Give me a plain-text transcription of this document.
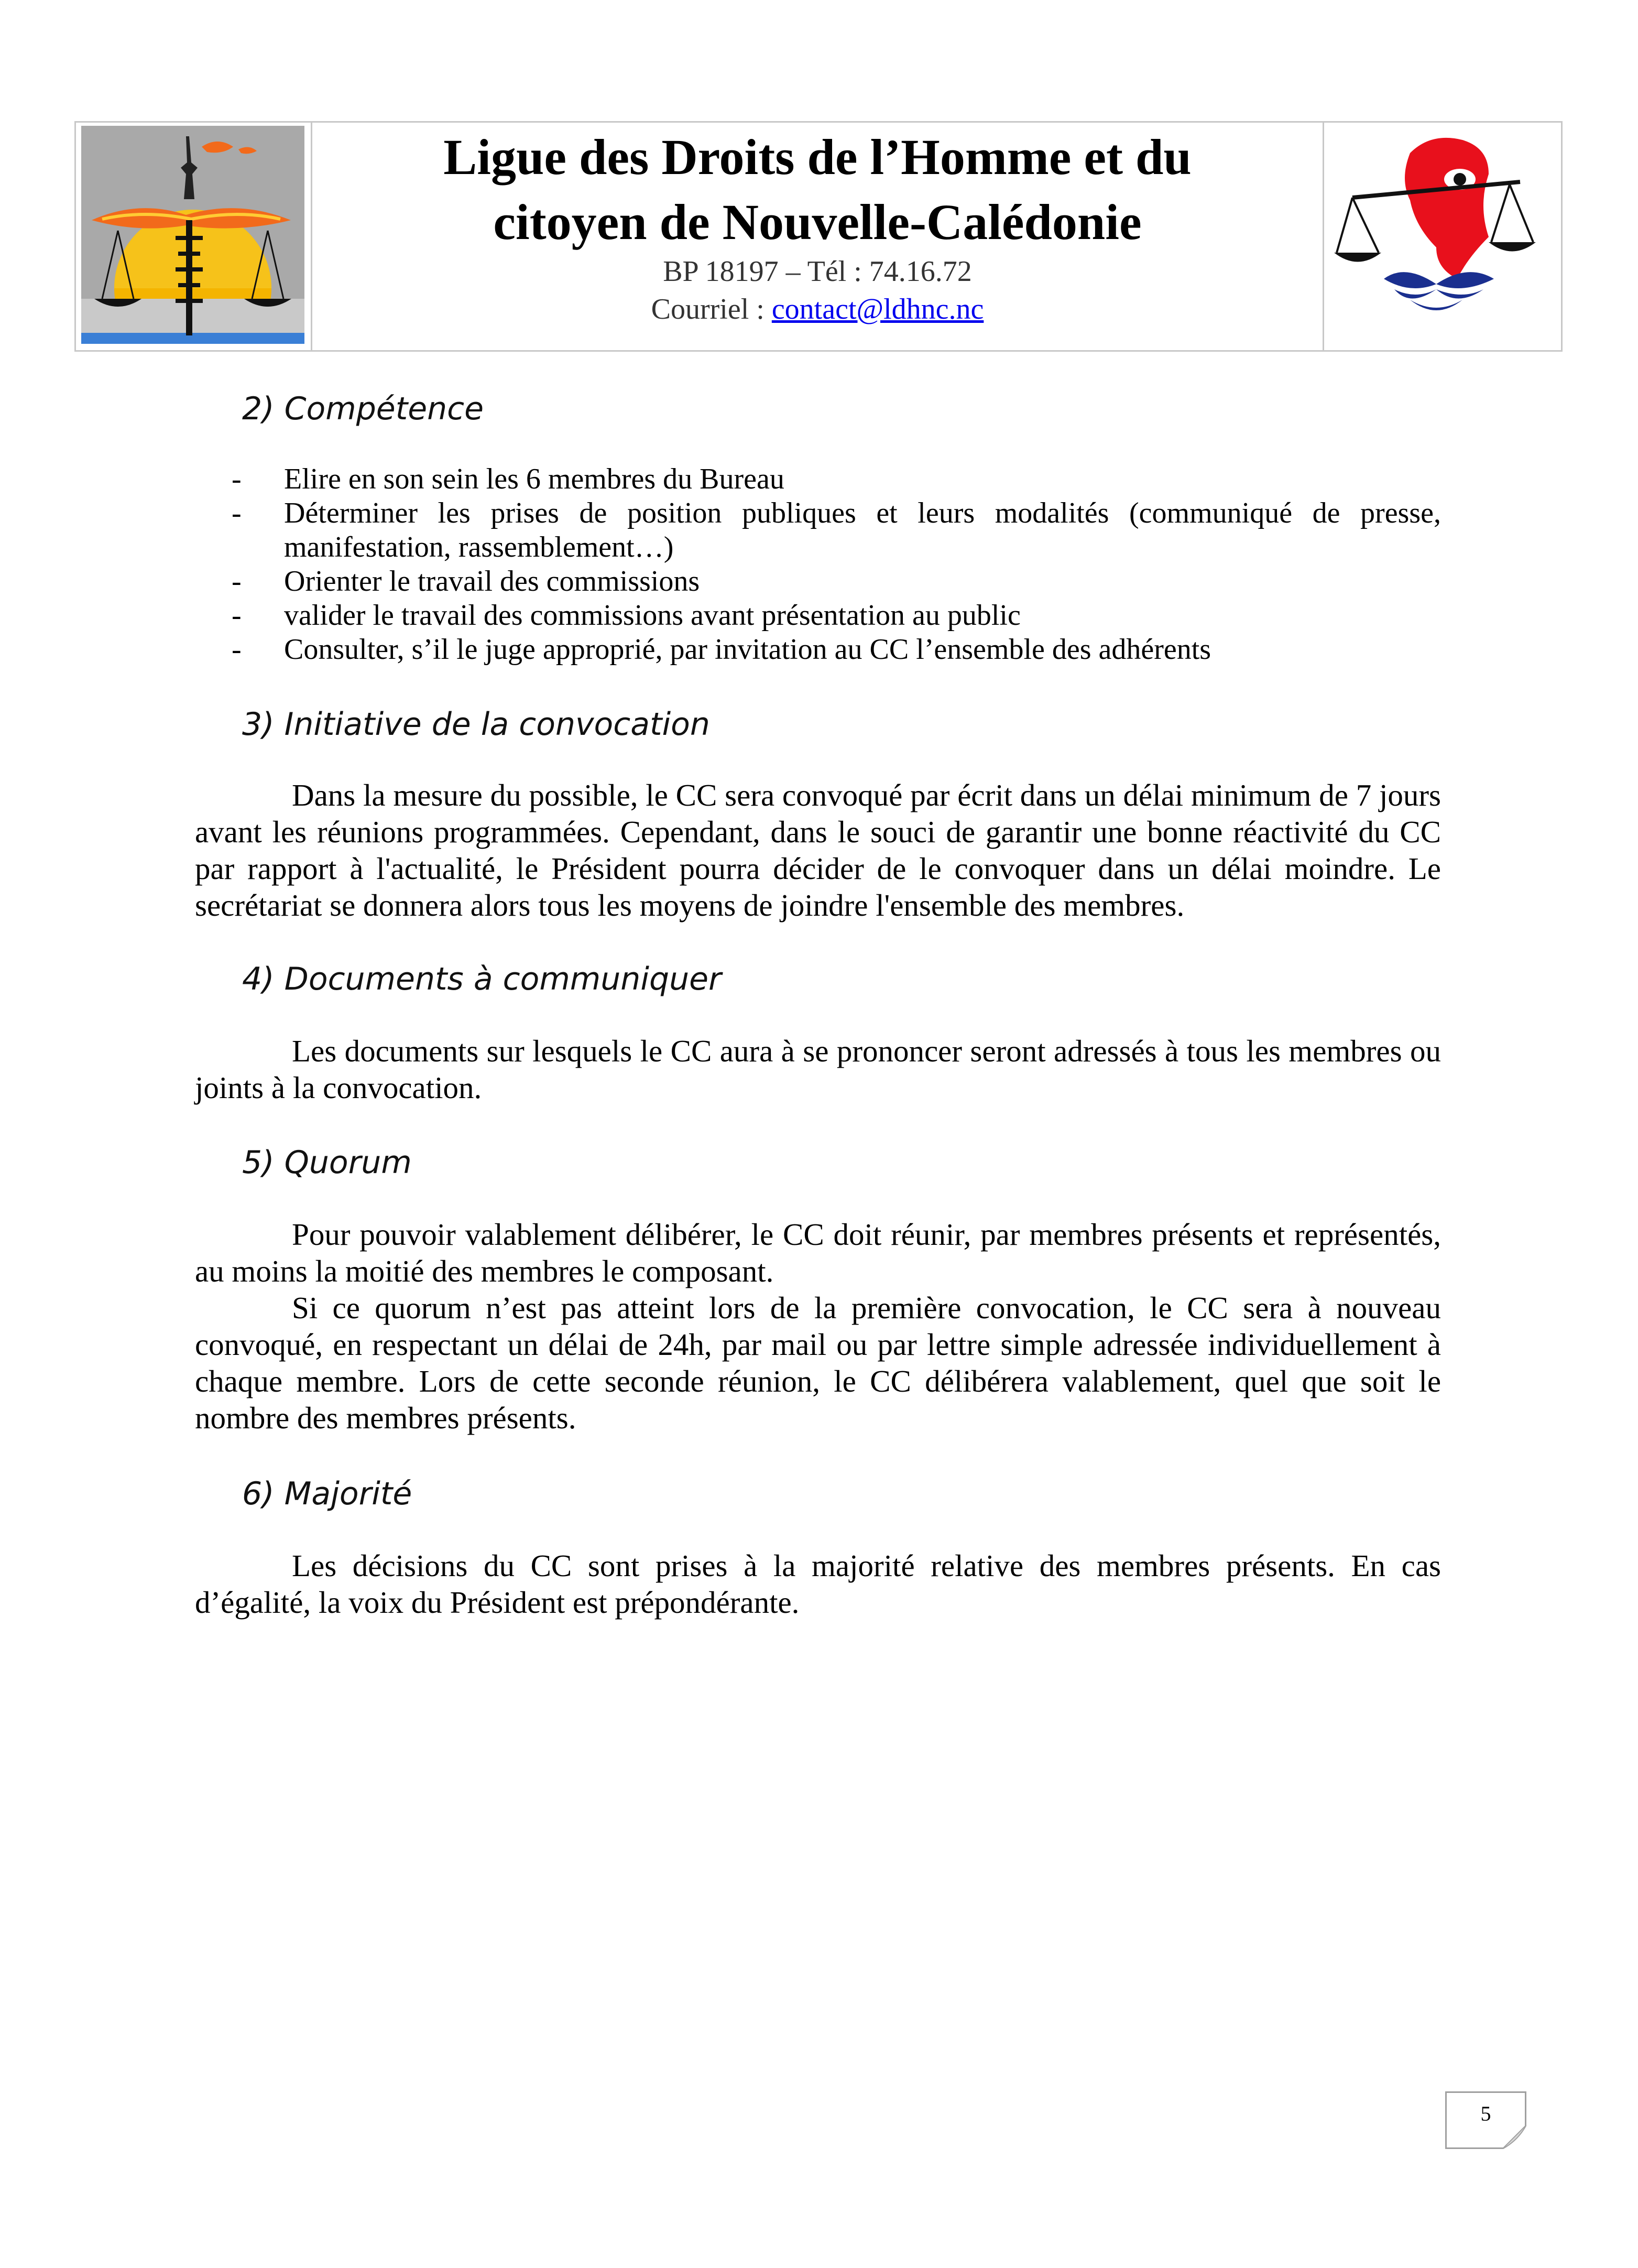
Ligue des Droits de l’Homme et du
citoyen de Nouvelle-Calédonie
BP 18197 – Tél : 74.16.72
Courriel : contact@ldhnc.nc
2) Compétence
- Elire en son sein les 6 membres du Bureau
- Déterminer les prises de position publiques et leurs modalités (communiqué de presse, manifestation, rassemblement…)
- Orienter le travail des commissions
- valider le travail des commissions avant présentation au public
- Consulter, s’il le juge approprié, par invitation au CC l’ensemble des adhérents
3) Initiative de la convocation

Dans la mesure du possible, le CC sera convoqué par écrit dans un délai minimum de 7 jours avant les réunions programmées. Cependant, dans le souci de garantir une bonne réactivité du CC par rapport à l'actualité, le Président pourra décider de le convoquer dans un délai moindre. Le secrétariat se donnera alors tous les moyens de joindre l'ensemble des membres.

4) Documents à communiquer

Les documents sur lesquels le CC aura à se prononcer seront adressés à tous les membres ou joints à la convocation.

5) Quorum

Pour pouvoir valablement délibérer, le CC doit réunir, par membres présents et représentés, au moins la moitié des membres le composant.

Si ce quorum n’est pas atteint lors de la première convocation, le CC sera à nouveau convoqué, en respectant un délai de 24h, par mail ou par lettre simple adressée individuellement à chaque membre. Lors de cette seconde réunion, le CC délibérera valablement, quel que soit le nombre des membres présents.

6) Majorité

Les décisions du CC sont prises à la majorité relative des membres présents. En cas d’égalité, la voix du Président est prépondérante.

5
